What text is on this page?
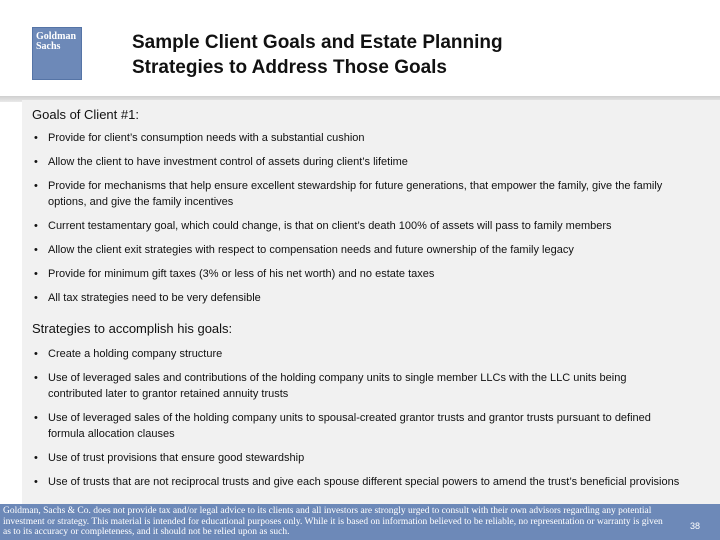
Goldman
Sachs	Sample Client Goals and Estate Planning
Strategies to Address Those Goals
Goals of Client #1:
• Provide for client’s consumption needs with a substantial cushion
• Allow the client to have investment control of assets during client’s lifetime
• Provide for mechanisms that help ensure excellent stewardship for future generations, that empower the family, give the family options, and give the family incentives
• Current testamentary goal, which could change, is that on client’s death 100% of assets will pass to family members
• Allow the client exit strategies with respect to compensation needs and future ownership of the family legacy
• Provide for minimum gift taxes (3% or less of his net worth) and no estate taxes
• All tax strategies need to be very defensible
Strategies to accomplish his goals:
• Create a holding company structure
• Use of leveraged sales and contributions of the holding company units to single member LLCs with the LLC units being contributed later to grantor retained annuity trusts
• Use of leveraged sales of the holding company units to spousal-created grantor trusts and grantor trusts pursuant to defined formula allocation clauses
• Use of trust provisions that ensure good stewardship
• Use of trusts that are not reciprocal trusts and give each spouse different special powers to amend the trust’s beneficial provisions
Goldman, Sachs & Co. does not provide tax and/or legal advice to its clients and all investors are strongly urged to consult with their own advisors regarding any potential investment or strategy. This material is intended for educational purposes only. While it is based on information believed to be reliable, no representation or warranty is given as to its accuracy or completeness, and it should not be relied upon as such.
38
